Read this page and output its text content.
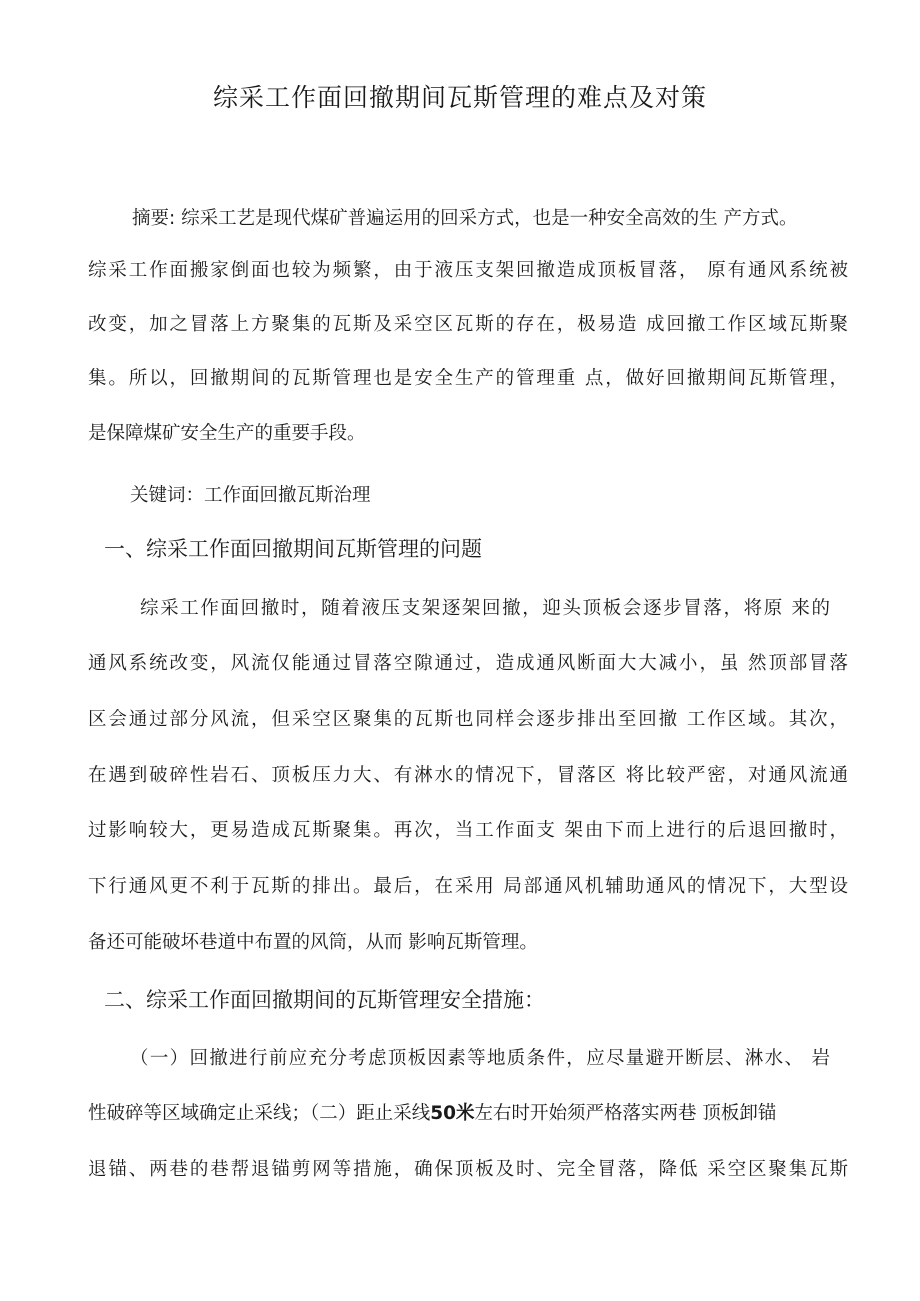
综采工作面回撤期间瓦斯管理的难点及对策
摘要: 综采工艺是现代煤矿普遍运用的回采方式，也是一种安全高效的生 产方式。
综采工作面搬家倒面也较为频繁，由于液压支架回撤造成顶板冒落， 原有通风系统被
改变，加之冒落上方聚集的瓦斯及采空区瓦斯的存在，极易造 成回撤工作区域瓦斯聚
集。所以，回撤期间的瓦斯管理也是安全生产的管理重 点，做好回撤期间瓦斯管理，
是保障煤矿安全生产的重要手段。
关键词：工作面回撤瓦斯治理
一、综采工作面回撤期间瓦斯管理的问题
综采工作面回撤时，随着液压支架逐架回撤，迎头顶板会逐步冒落，将原 来的
通风系统改变，风流仅能通过冒落空隙通过，造成通风断面大大减小，虽 然顶部冒落
区会通过部分风流，但采空区聚集的瓦斯也同样会逐步排出至回撤 工作区域。其次，
在遇到破碎性岩石、顶板压力大、有淋水的情况下，冒落区 将比较严密，对通风流通
过影响较大，更易造成瓦斯聚集。再次，当工作面支 架由下而上进行的后退回撤时，
下行通风更不利于瓦斯的排出。最后，在采用 局部通风机辅助通风的情况下，大型设
备还可能破坏巷道中布置的风筒，从而 影响瓦斯管理。
二、综采工作面回撤期间的瓦斯管理安全措施：
（一）回撤进行前应充分考虑顶板因素等地质条件，应尽量避开断层、淋水、 岩
性破碎等区域确定止采线；（二）距止采线50米左右时开始须严格落实两巷 顶板卸锚
退锚、两巷的巷帮退锚剪网等措施，确保顶板及时、完全冒落，降低 采空区聚集瓦斯
